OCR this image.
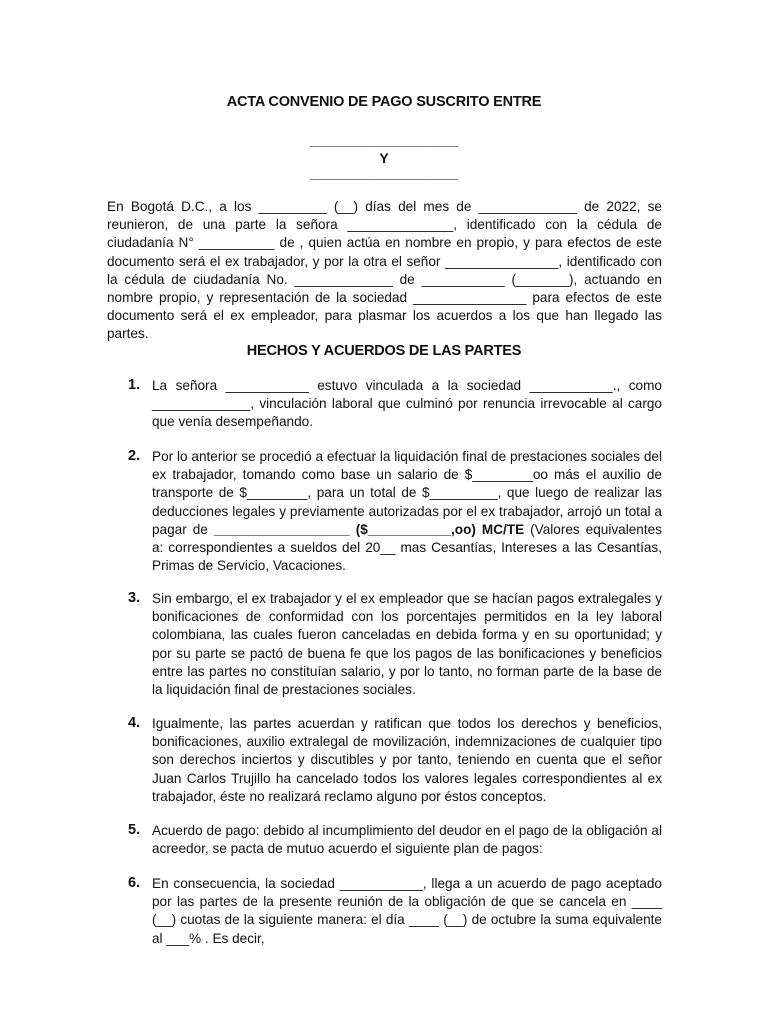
ACTA CONVENIO DE PAGO SUSCRITO ENTRE
___________________
Y
___________________
En Bogotá D.C., a los _________ (__) días del mes de _____________ de 2022, se reunieron, de una parte la señora ______________, identificado con la cédula de ciudadanía N° __________ de , quien actúa en nombre en propio, y para efectos de este documento será el ex trabajador, y por la otra el señor _______________, identificado con la cédula de ciudadanía No. _____________ de ___________ (_______), actuando en nombre propio, y representación de la sociedad _______________ para efectos de este documento será el ex empleador, para plasmar los acuerdos a los que han llegado las partes.
HECHOS Y ACUERDOS DE LAS PARTES
1. La señora ___________ estuvo vinculada a la sociedad ___________., como _____________, vinculación laboral que culminó por renuncia irrevocable al cargo que venía desempeñando.
2. Por lo anterior se procedió a efectuar la liquidación final de prestaciones sociales del ex trabajador, tomando como base un salario de $________oo más el auxilio de transporte de $________, para un total de $_________, que luego de realizar las deducciones legales y previamente autorizadas por el ex trabajador, arrojó un total a pagar de __________________ ($___________,oo) MC/TE (Valores equivalentes a: correspondientes a sueldos del 20__ mas Cesantías, Intereses a las Cesantías, Primas de Servicio, Vacaciones.
3. Sin embargo, el ex trabajador y el ex empleador que se hacían pagos extralegales y bonificaciones de conformidad con los porcentajes permitidos en la ley laboral colombiana, las cuales fueron canceladas en debida forma y en su oportunidad; y por su parte se pactó de buena fe que los pagos de las bonificaciones y beneficios entre las partes no constituían salario, y por lo tanto, no forman parte de la base de la liquidación final de prestaciones sociales.
4. Igualmente, las partes acuerdan y ratifican que todos los derechos y beneficios, bonificaciones, auxilio extralegal de movilización, indemnizaciones de cualquier tipo son derechos inciertos y discutibles y por tanto, teniendo en cuenta que el señor Juan Carlos Trujillo ha cancelado todos los valores legales correspondientes al ex trabajador, éste no realizará reclamo alguno por éstos conceptos.
5. Acuerdo de pago: debido al incumplimiento del deudor en el pago de la obligación al acreedor, se pacta de mutuo acuerdo el siguiente plan de pagos:
6. En consecuencia, la sociedad ___________, llega a un acuerdo de pago aceptado por las partes de la presente reunión de la obligación de que se cancela en ____ (__) cuotas de la siguiente manera: el día ____ (__) de octubre la suma equivalente al ___% . Es decir,
